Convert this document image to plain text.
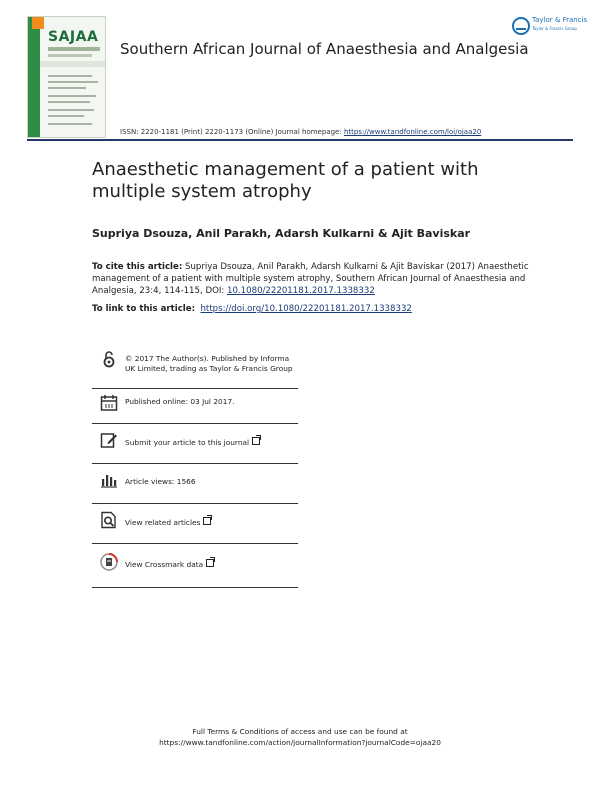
SAJAA
Southern African Journal of Anaesthesia and Analgesia
Taylor & Francis
Taylor & Francis Group
ISSN: 2220-1181 (Print) 2220-1173 (Online) Journal homepage: https://www.tandfonline.com/loi/ojaa20
Anaesthetic management of a patient with multiple system atrophy
Supriya Dsouza, Anil Parakh, Adarsh Kulkarni & Ajit Baviskar
To cite this article: Supriya Dsouza, Anil Parakh, Adarsh Kulkarni & Ajit Baviskar (2017) Anaesthetic management of a patient with multiple system atrophy, Southern African Journal of Anaesthesia and Analgesia, 23:4, 114-115, DOI: 10.1080/22201181.2017.1338332
To link to this article: https://doi.org/10.1080/22201181.2017.1338332
© 2017 The Author(s). Published by Informa UK Limited, trading as Taylor & Francis Group
Published online: 03 Jul 2017.
Submit your article to this journal
Article views: 1566
View related articles
View Crossmark data
Full Terms & Conditions of access and use can be found at
https://www.tandfonline.com/action/journalInformation?journalCode=ojaa20
